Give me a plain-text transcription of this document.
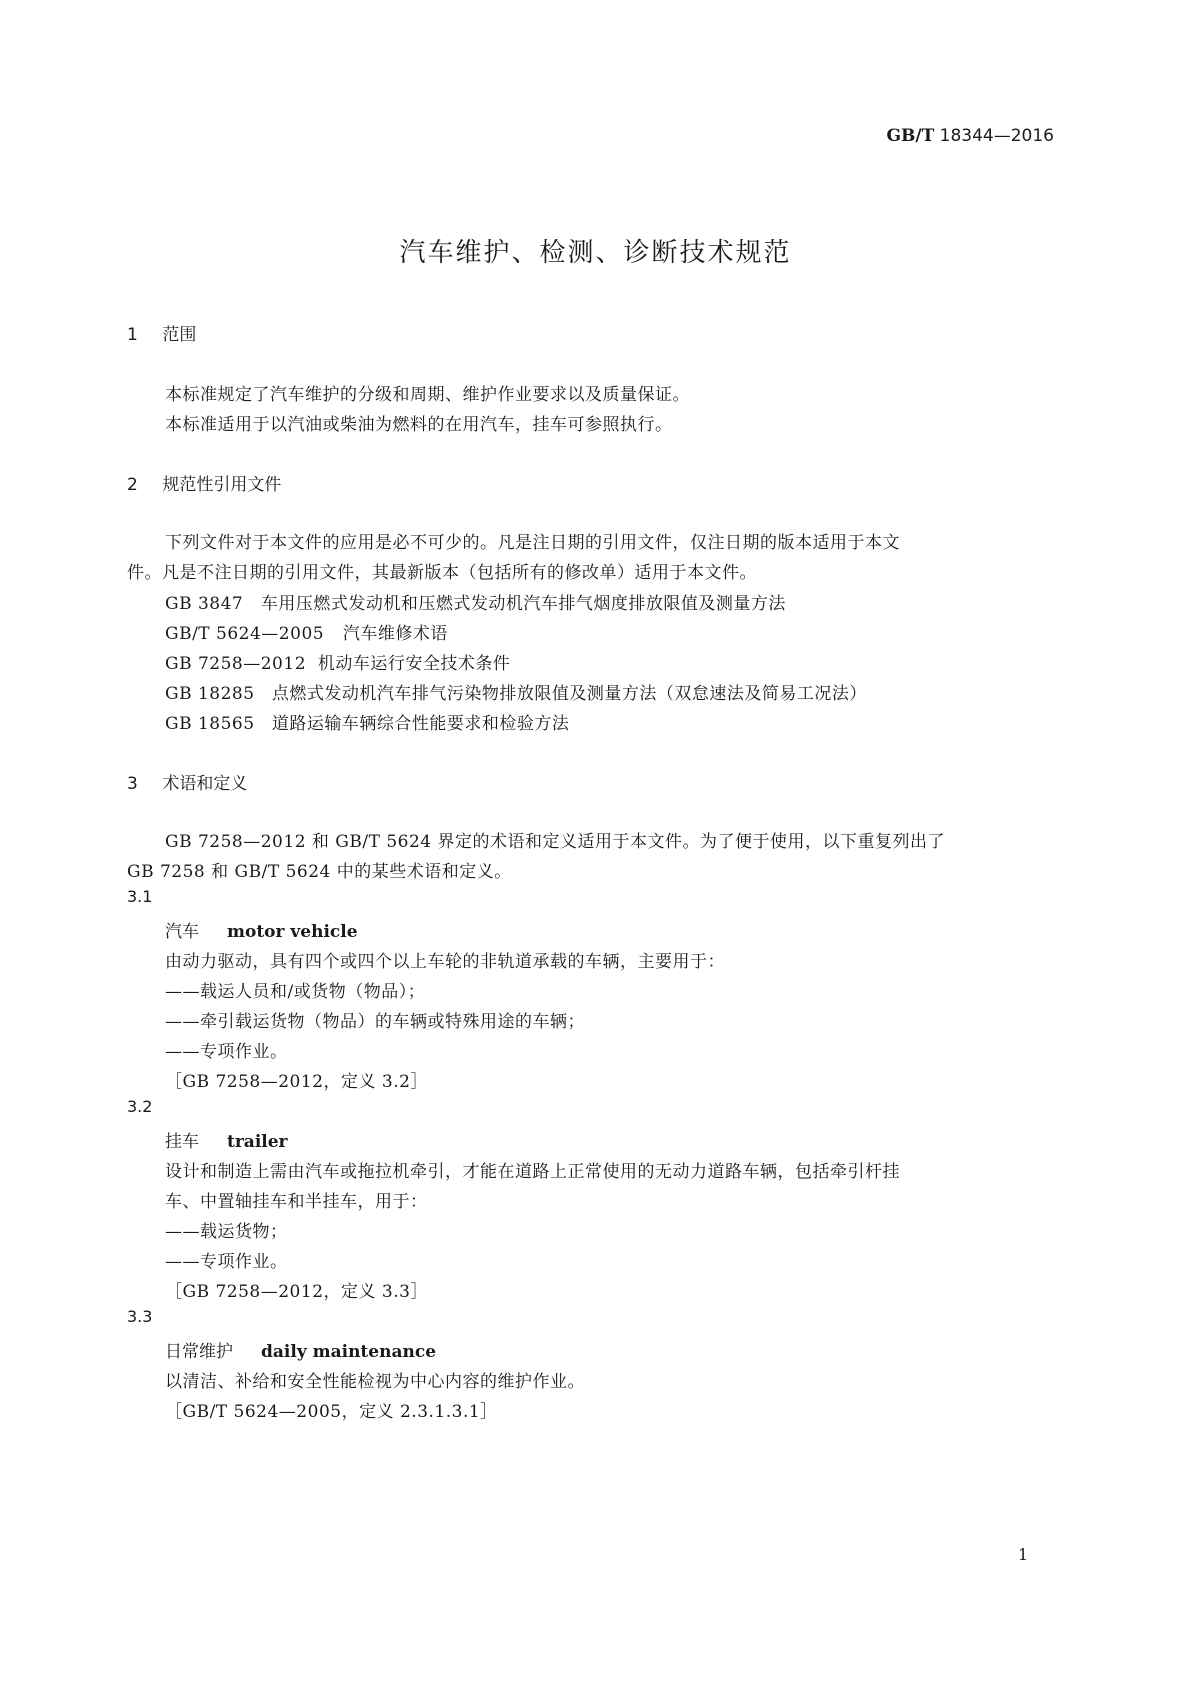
GB/T 18344—2016
汽车维护、检测、诊断技术规范
1 范围
本标准规定了汽车维护的分级和周期、维护作业要求以及质量保证。
本标准适用于以汽油或柴油为燃料的在用汽车，挂车可参照执行。
2 规范性引用文件
下列文件对于本文件的应用是必不可少的。凡是注日期的引用文件，仅注日期的版本适用于本文
件。凡是不注日期的引用文件，其最新版本（包括所有的修改单）适用于本文件。
GB 3847 车用压燃式发动机和压燃式发动机汽车排气烟度排放限值及测量方法
GB/T 5624—2005 汽车维修术语
GB 7258—2012 机动车运行安全技术条件
GB 18285 点燃式发动机汽车排气污染物排放限值及测量方法（双怠速法及简易工况法）
GB 18565 道路运输车辆综合性能要求和检验方法
3 术语和定义
GB 7258—2012 和 GB/T 5624 界定的术语和定义适用于本文件。为了便于使用，以下重复列出了
GB 7258 和 GB/T 5624 中的某些术语和定义。
3.1
汽车 motor vehicle
由动力驱动，具有四个或四个以上车轮的非轨道承载的车辆，主要用于：
——载运人员和/或货物（物品）；
——牵引载运货物（物品）的车辆或特殊用途的车辆；
——专项作业。
［GB 7258—2012，定义 3.2］
3.2
挂车 trailer
设计和制造上需由汽车或拖拉机牵引，才能在道路上正常使用的无动力道路车辆，包括牵引杆挂
车、中置轴挂车和半挂车，用于：
——载运货物；
——专项作业。
［GB 7258—2012，定义 3.3］
3.3
日常维护 daily maintenance
以清洁、补给和安全性能检视为中心内容的维护作业。
［GB/T 5624—2005，定义 2.3.1.3.1］
1
